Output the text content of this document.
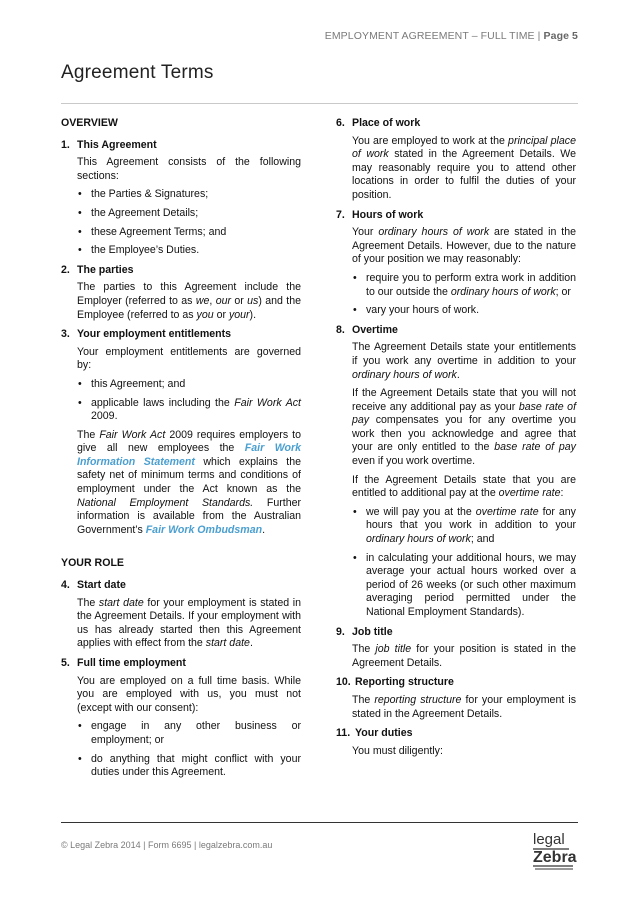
EMPLOYMENT AGREEMENT – FULL TIME | Page 5
Agreement Terms
OVERVIEW
1. This Agreement

This Agreement consists of the following sections:

• the Parties & Signatures;
• the Agreement Details;
• these Agreement Terms; and
• the Employee’s Duties.
2. The parties

The parties to this Agreement include the Employer (referred to as we, our or us) and the Employee (referred to as you or your).

3. Your employment entitlements

Your employment entitlements are governed by:

• this Agreement; and
• applicable laws including the Fair Work Act 2009.

The Fair Work Act 2009 requires employers to give all new employees the Fair Work Information Statement which explains the safety net of minimum terms and conditions of employment under the Act known as the National Employment Standards. Further information is available from the Australian Government’s Fair Work Ombudsman.

YOUR ROLE
4. Start date

The start date for your employment is stated in the Agreement Details. If your employment with us has already started then this Agreement applies with effect from the start date.

5. Full time employment

You are employed on a full time basis. While you are employed with us, you must not (except with our consent):

• engage in any other business or employment; or
• do anything that might conflict with your duties under this Agreement.
6. Place of work

You are employed to work at the principal place of work stated in the Agreement Details. We may reasonably require you to attend other locations in order to fulfil the duties of your position.

7. Hours of work

Your ordinary hours of work are stated in the Agreement Details. However, due to the nature of your position we may reasonably:

• require you to perform extra work in addition to our outside the ordinary hours of work; or
• vary your hours of work.
8. Overtime

The Agreement Details state your entitlements if you work any overtime in addition to your ordinary hours of work.

If the Agreement Details state that you will not receive any additional pay as your base rate of pay compensates you for any overtime you work then you acknowledge and agree that your are only entitled to the base rate of pay even if you work overtime.

If the Agreement Details state that you are entitled to additional pay at the overtime rate:

• we will pay you at the overtime rate for any hours that you work in addition to your ordinary hours of work; and
• in calculating your additional hours, we may average your actual hours worked over a period of 26 weeks (or such other maximum averaging period permitted under the National Employment Standards).
9. Job title

The job title for your position is stated in the Agreement Details.

10. Reporting structure

The reporting structure for your employment is stated in the Agreement Details.

11. Your duties

You must diligently:

© Legal Zebra 2014 | Form 6695 | legalzebra.com.au	legal
Zebra
